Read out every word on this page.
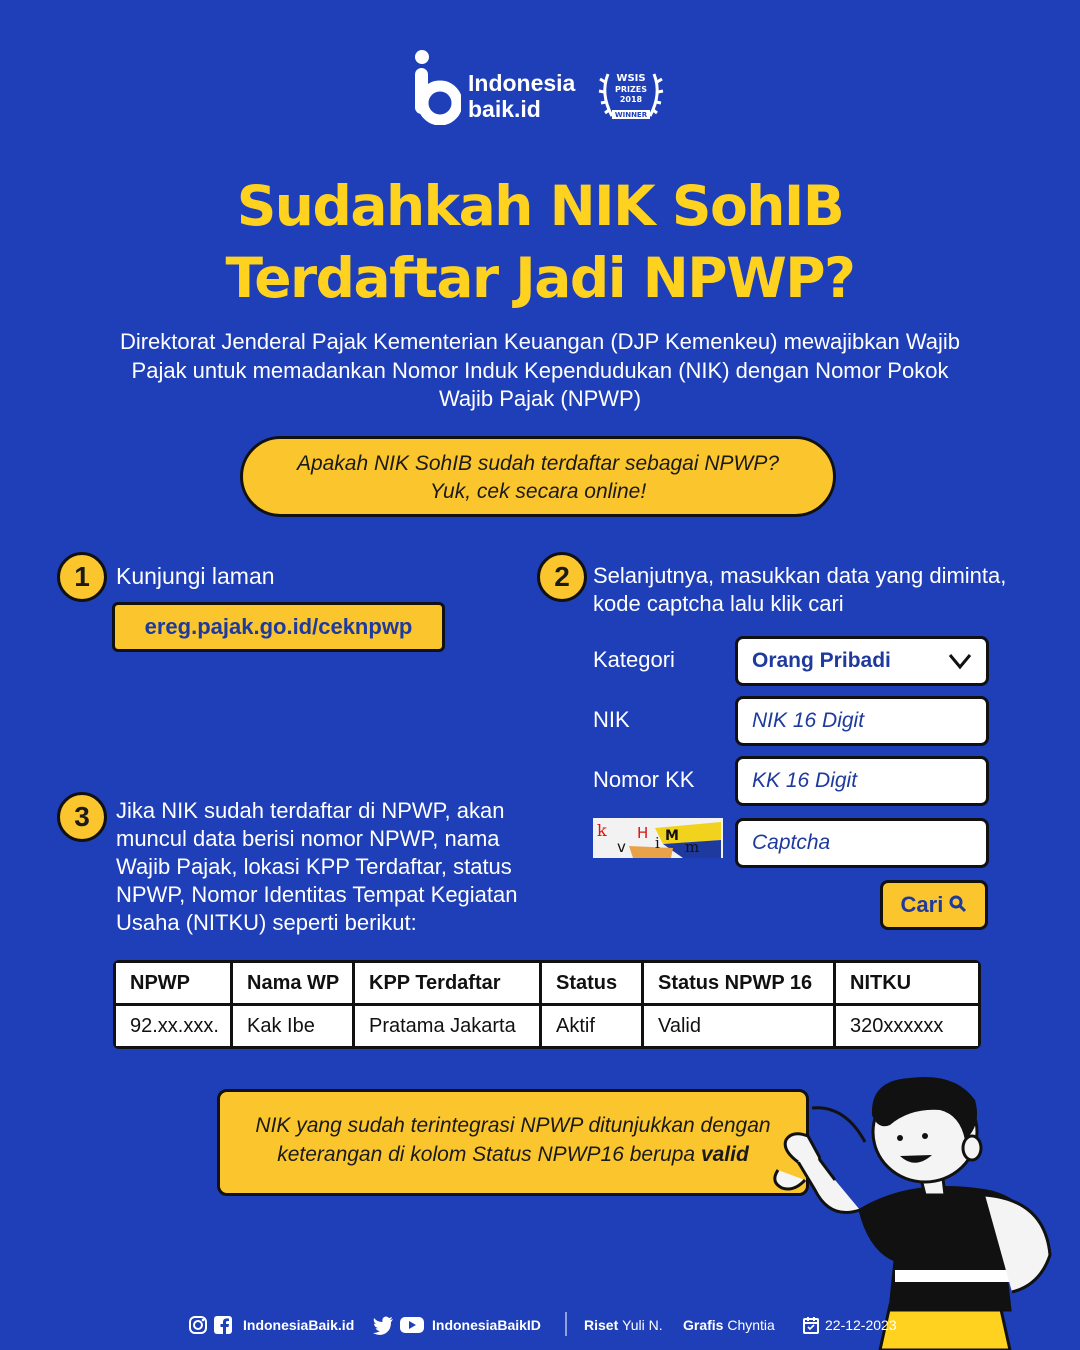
Indonesia
baik.id
WSIS
PRIZES
2018
WINNER
Sudahkah NIK SohIB
Terdaftar Jadi NPWP?
Direktorat Jenderal Pajak Kementerian Keuangan (DJP Kemenkeu) mewajibkan Wajib Pajak untuk memadankan Nomor Induk Kependudukan (NIK) dengan Nomor Pokok Wajib Pajak (NPWP)
Apakah NIK SohIB sudah terdaftar sebagai NPWP?
Yuk, cek secara online!
1	Kunjungi laman
ereg.pajak.go.id/ceknpwp
2	Selanjutnya, masukkan data yang diminta,
kode captcha lalu klik cari
Kategori	Orang Pribadi
NIK	NIK 16 Digit
Nomor KK	KK 16 Digit
k
v
H
i M
m	Captcha
Cari
3	Jika NIK sudah terdaftar di NPWP, akan muncul data berisi nomor NPWP, nama Wajib Pajak, lokasi KPP Terdaftar, status NPWP, Nomor Identitas Tempat Kegiatan Usaha (NITKU) seperti berikut:
NPWP	Nama WP	KPP Terdaftar	Status	Status NPWP 16	NITKU
92.xx.xxx.	Kak Ibe	Pratama Jakarta	Aktif	Valid	320xxxxxx
NIK yang sudah terintegrasi NPWP ditunjukkan dengan
keterangan di kolom Status NPWP16 berupa valid
IndonesiaBaik.id	IndonesiaBaikID	Riset Yuli N. Grafis Chyntia	22-12-2023
